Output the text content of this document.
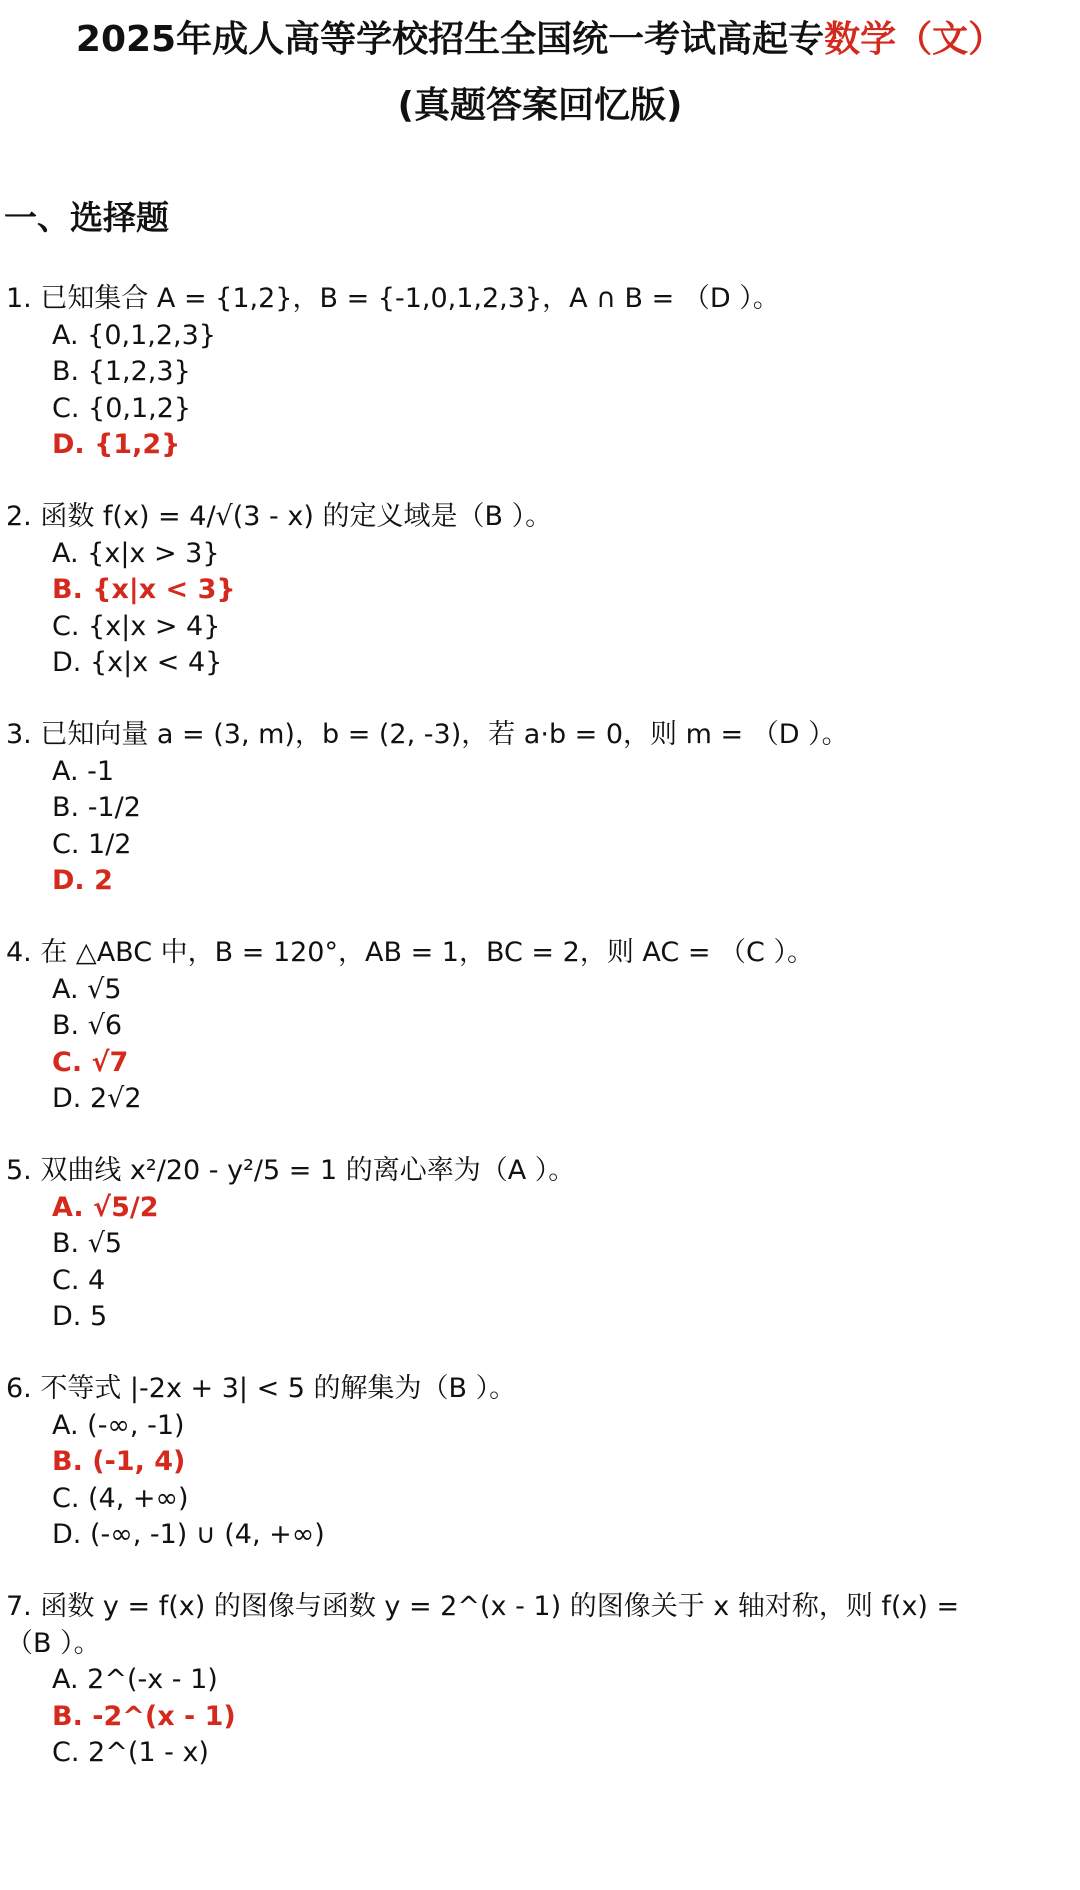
2025年成人高等学校招生全国统一考试高起专数学（文）
(真题答案回忆版)
一、选择题
1. 已知集合 A = {1,2}，B = {-1,0,1,2,3}，A ∩ B = （D ）。
A. {0,1,2,3}
B. {1,2,3}
C. {0,1,2}
D. {1,2}
2. 函数 f(x) = 4/√(3 - x) 的定义域是（B ）。
A. {x|x > 3}
B. {x|x < 3}
C. {x|x > 4}
D. {x|x < 4}
3. 已知向量 a = (3, m)，b = (2, -3)，若 a·b = 0，则 m = （D ）。
A. -1
B. -1/2
C. 1/2
D. 2
4. 在 △ABC 中，B = 120°，AB = 1，BC = 2，则 AC = （C ）。
A. √5
B. √6
C. √7
D. 2√2
5. 双曲线 x²/20 - y²/5 = 1 的离心率为（A ）。
A. √5/2
B. √5
C. 4
D. 5
6. 不等式 |-2x + 3| < 5 的解集为（B ）。
A. (-∞, -1)
B. (-1, 4)
C. (4, +∞)
D. (-∞, -1) ∪ (4, +∞)
7. 函数 y = f(x) 的图像与函数 y = 2^(x - 1) 的图像关于 x 轴对称，则 f(x) =
（B ）。
A. 2^(-x - 1)
B. -2^(x - 1)
C. 2^(1 - x)
